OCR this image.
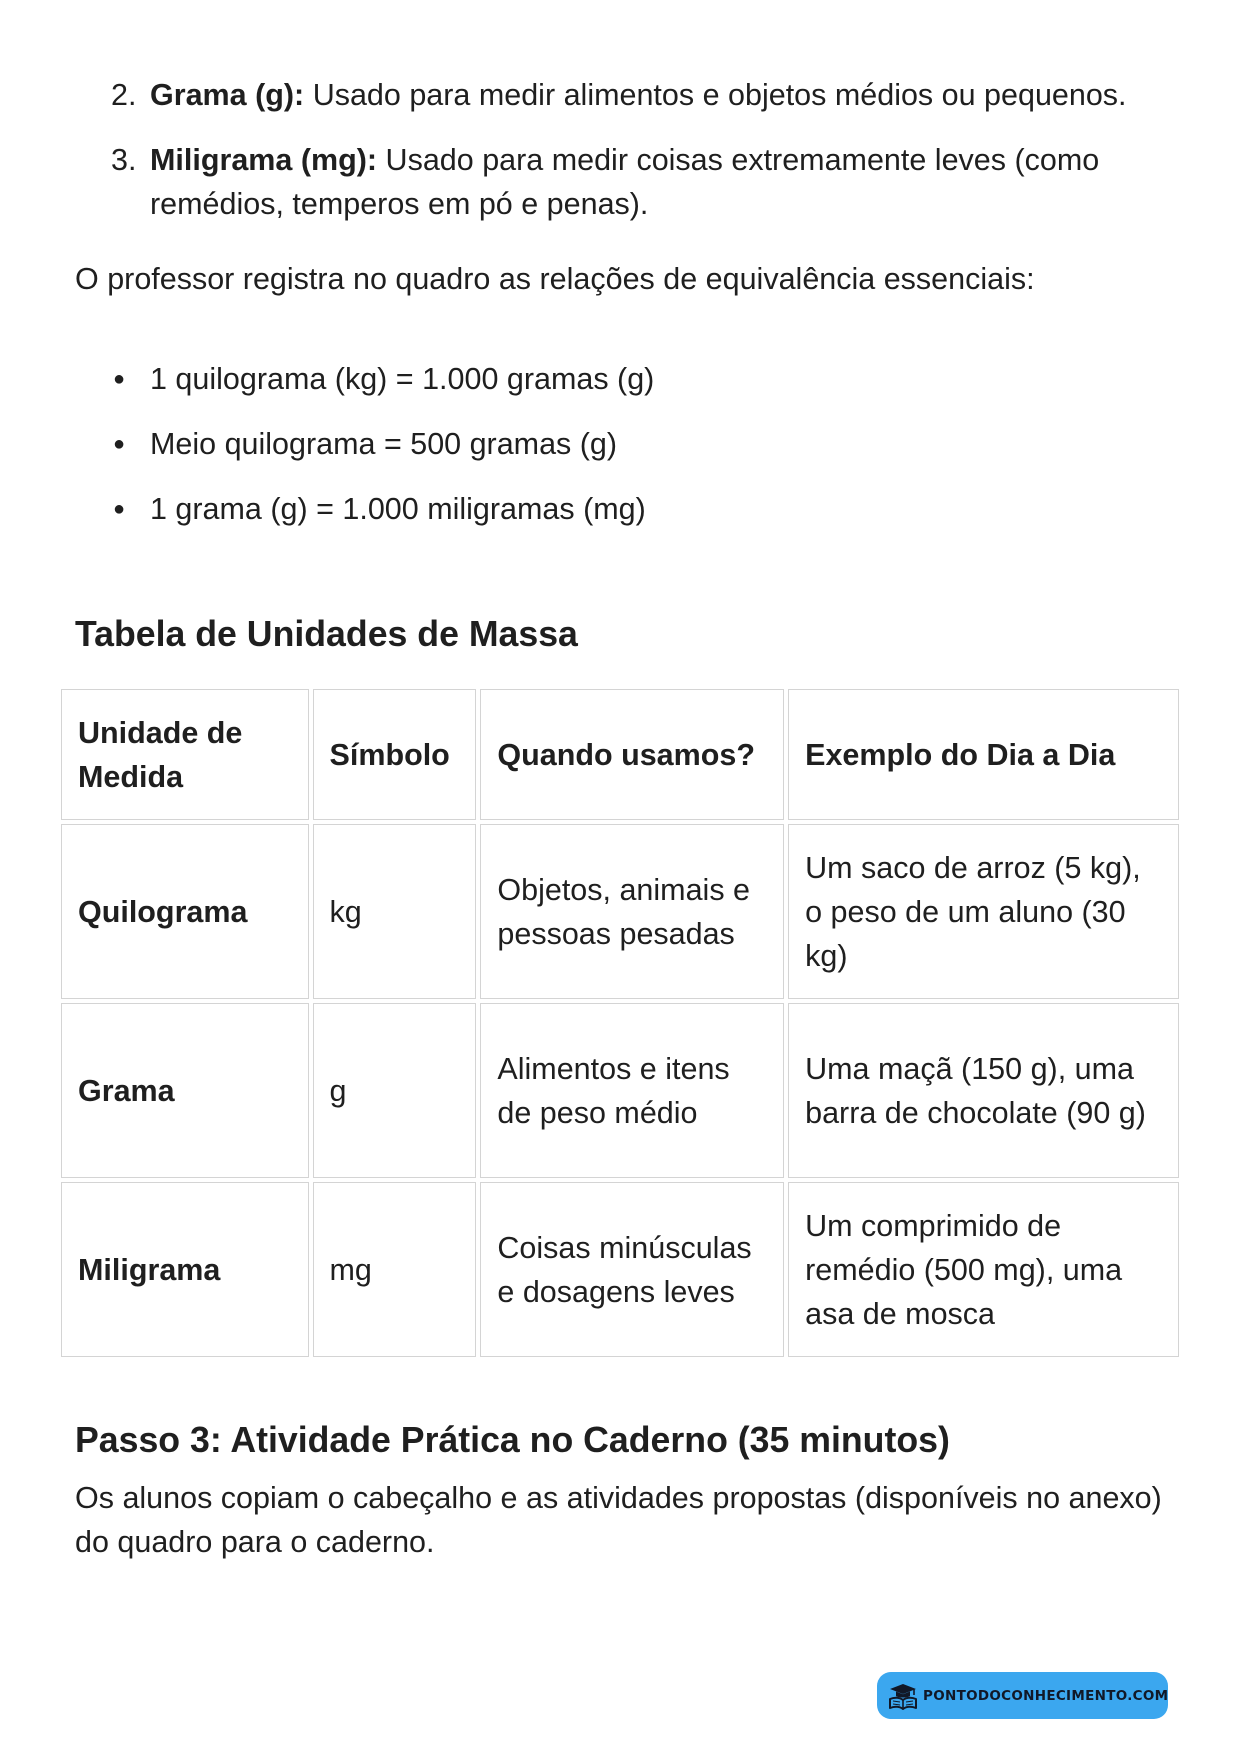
2. Grama (g): Usado para medir alimentos e objetos médios ou pequenos.
3. Miligrama (mg): Usado para medir coisas extremamente leves (como remédios, temperos em pó e penas).

O professor registra no quadro as relações de equivalência essenciais:

● 1 quilograma (kg) = 1.000 gramas (g)
● Meio quilograma = 500 gramas (g)
● 1 grama (g) = 1.000 miligramas (mg)
Tabela de Unidades de Massa
Unidade de Medida	Símbolo	Quando usamos?	Exemplo do Dia a Dia
Quilograma	kg	Objetos, animais e pessoas pesadas	Um saco de arroz (5 kg), o peso de um aluno (30 kg)
Grama	g	Alimentos e itens de peso médio	Uma maçã (150 g), uma barra de chocolate (90 g)
Miligrama	mg	Coisas minúsculas e dosagens leves	Um comprimido de remédio (500 mg), uma asa de mosca
Passo 3: Atividade Prática no Caderno (35 minutos)

Os alunos copiam o cabeçalho e as atividades propostas (disponíveis no anexo) do quadro para o caderno.

PONTODOCONHECIMENTO.COM
